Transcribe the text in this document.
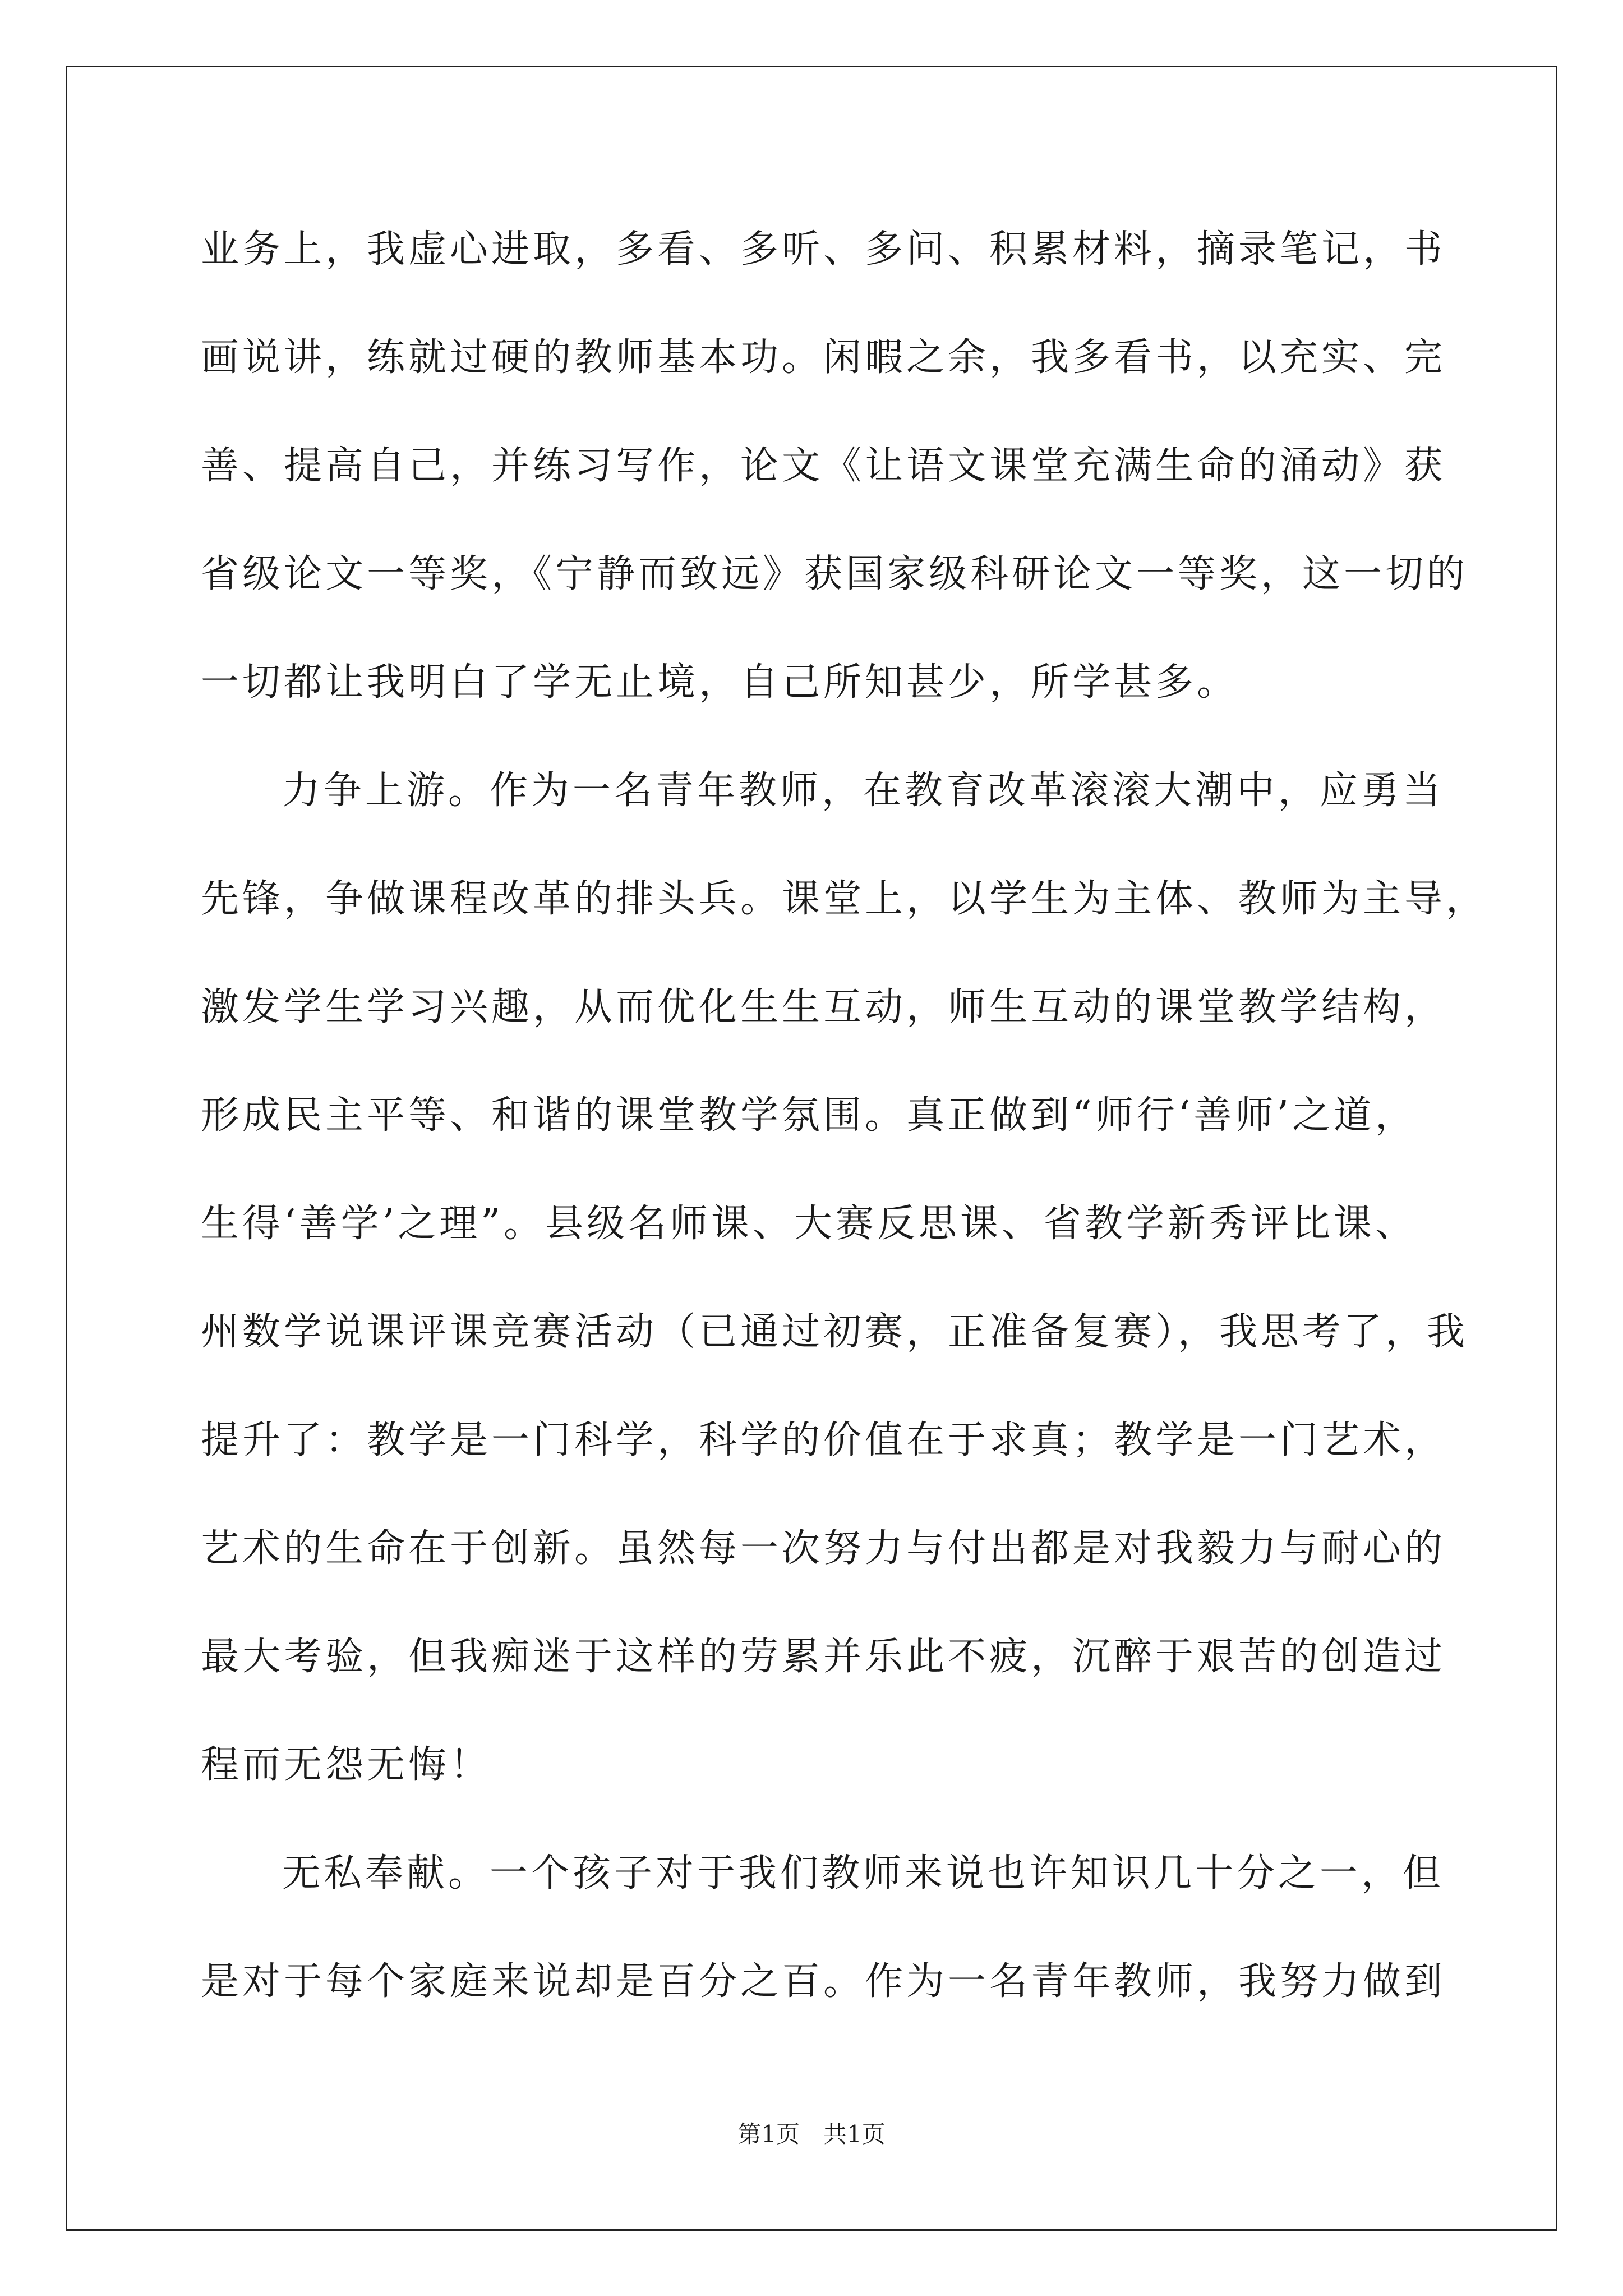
业务上，我虚心进取，多看、多听、多问、积累材料，摘录笔记，书
画说讲，练就过硬的教师基本功。闲暇之余，我多看书，以充实、完
善、提高自己，并练习写作，论文《让语文课堂充满生命的涌动》获
省级论文一等奖，《宁静而致远》获国家级科研论文一等奖，这一切的
一切都让我明白了学无止境，自己所知甚少，所学甚多。
力争上游。作为一名青年教师，在教育改革滚滚大潮中，应勇当
先锋，争做课程改革的排头兵。课堂上，以学生为主体、教师为主导，
激发学生学习兴趣，从而优化生生互动，师生互动的课堂教学结构，
形成民主平等、和谐的课堂教学氛围。真正做到“师行‘善师’之道，
生得‘善学’之理”。县级名师课、大赛反思课、省教学新秀评比课、
州数学说课评课竞赛活动（已通过初赛，正准备复赛），我思考了，我
提升了：教学是一门科学，科学的价值在于求真；教学是一门艺术，
艺术的生命在于创新。虽然每一次努力与付出都是对我毅力与耐心的
最大考验，但我痴迷于这样的劳累并乐此不疲，沉醉于艰苦的创造过
程而无怨无悔！
无私奉献。一个孩子对于我们教师来说也许知识几十分之一，但
是对于每个家庭来说却是百分之百。作为一名青年教师，我努力做到
第1页　共1页
